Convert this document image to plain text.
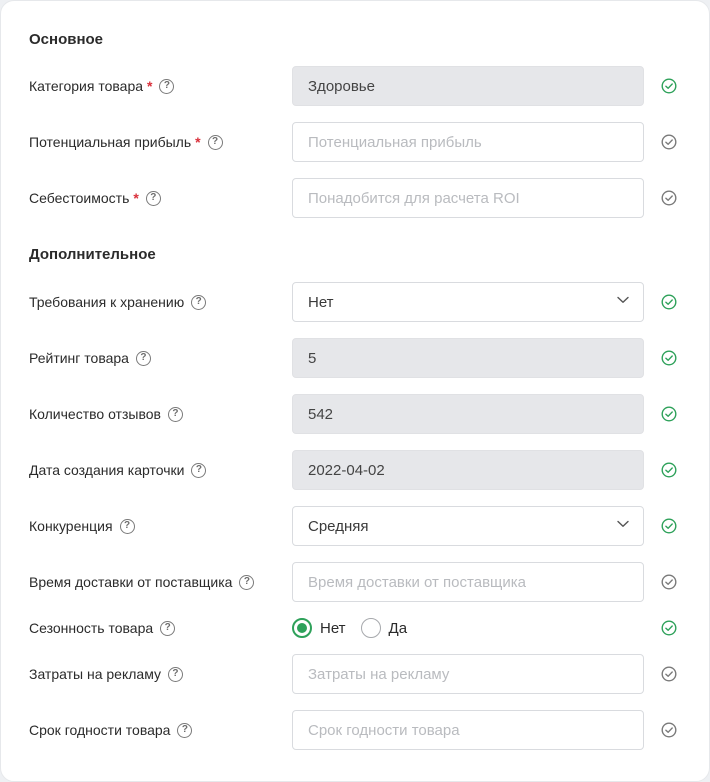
Основное
Категория товара *	?	Здоровье
Потенциальная прибыль *	?	Потенциальная прибыль
Себестоимость *	?	Понадобится для расчета ROI
Дополнительное
Требования к хранению	?	Нет
Рейтинг товара	?	5
Количество отзывов	?	542
Дата создания карточки	?	2022-04-02
Конкуренция	?	Средняя
Время доставки от поставщика	?	Время доставки от поставщика
Сезонность товара	?	Нет	Да
Затраты на рекламу	?	Затраты на рекламу
Срок годности товара	?	Срок годности товара
